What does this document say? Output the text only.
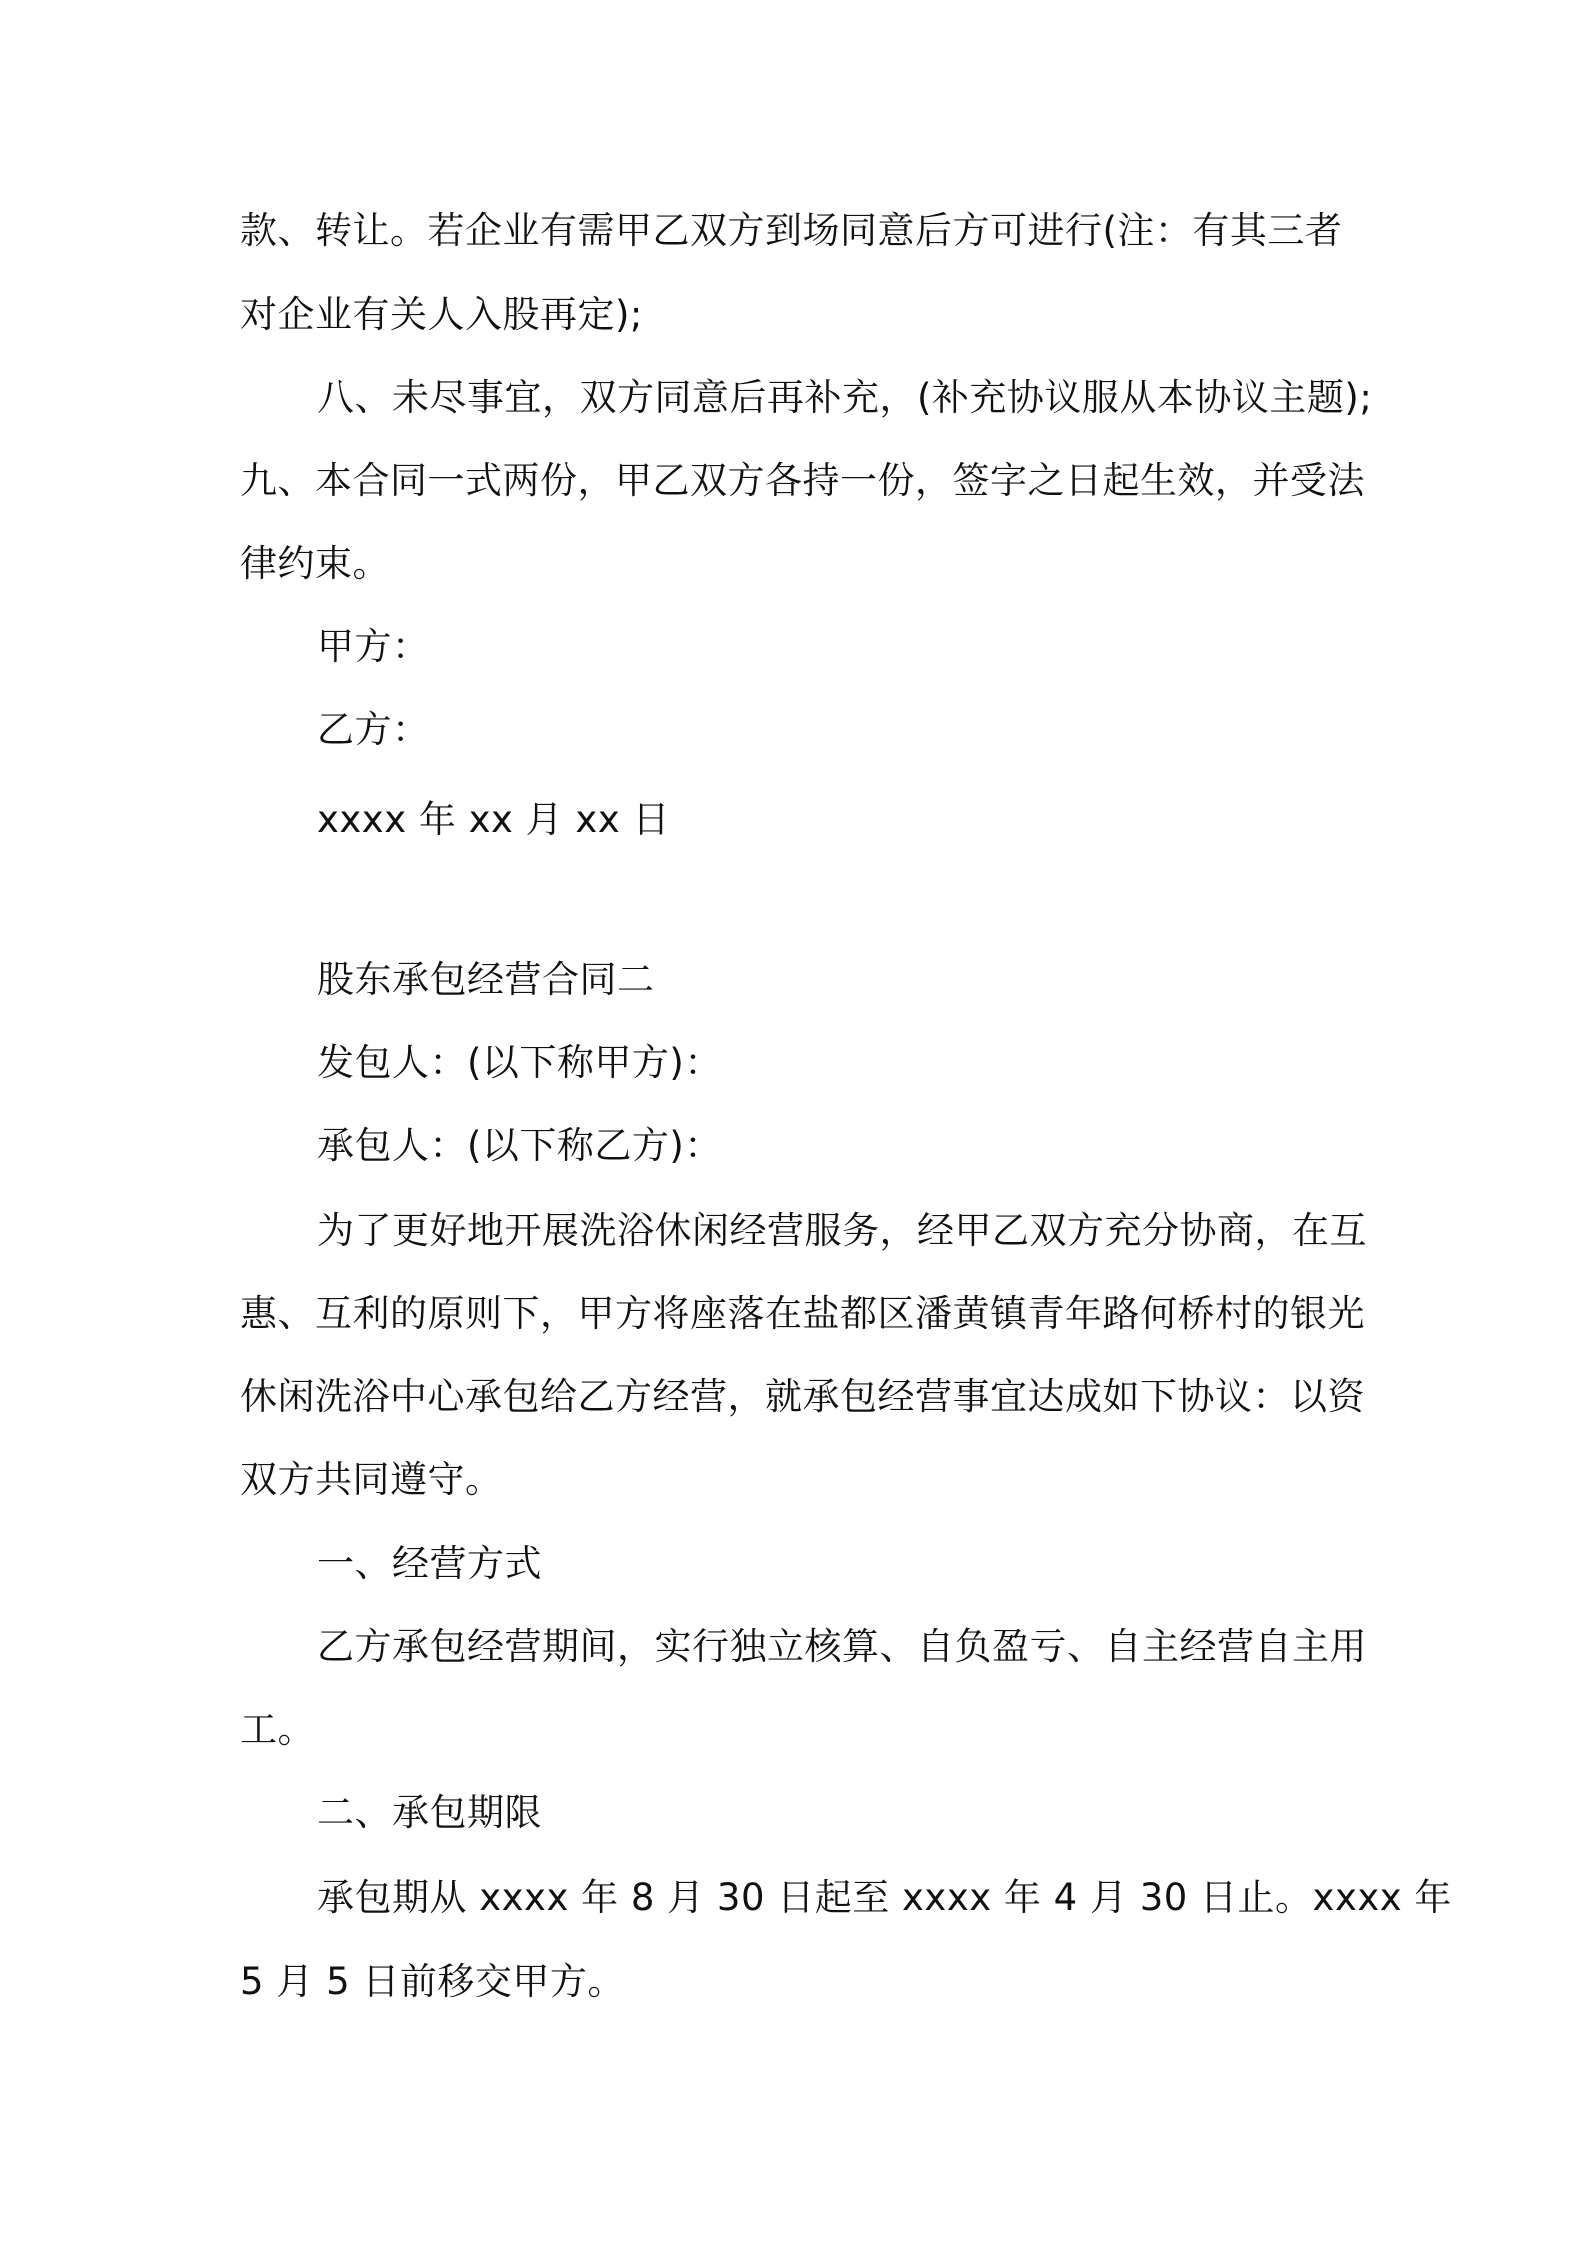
款、转让。若企业有需甲乙双方到场同意后方可进行(注：有其三者
对企业有关人入股再定);
八、未尽事宜，双方同意后再补充，(补充协议服从本协议主题);
九、本合同一式两份，甲乙双方各持一份，签字之日起生效，并受法
律约束。
甲方：
乙方：
xxxx 年 xx 月 xx 日
股东承包经营合同二
发包人：(以下称甲方)：
承包人：(以下称乙方)：
为了更好地开展洗浴休闲经营服务，经甲乙双方充分协商，在互
惠、互利的原则下，甲方将座落在盐都区潘黄镇青年路何桥村的银光
休闲洗浴中心承包给乙方经营，就承包经营事宜达成如下协议：以资
双方共同遵守。
一、经营方式
乙方承包经营期间，实行独立核算、自负盈亏、自主经营自主用
工。
二、承包期限
承包期从 xxxx 年 8 月 30 日起至 xxxx 年 4 月 30 日止。xxxx 年
5 月 5 日前移交甲方。
